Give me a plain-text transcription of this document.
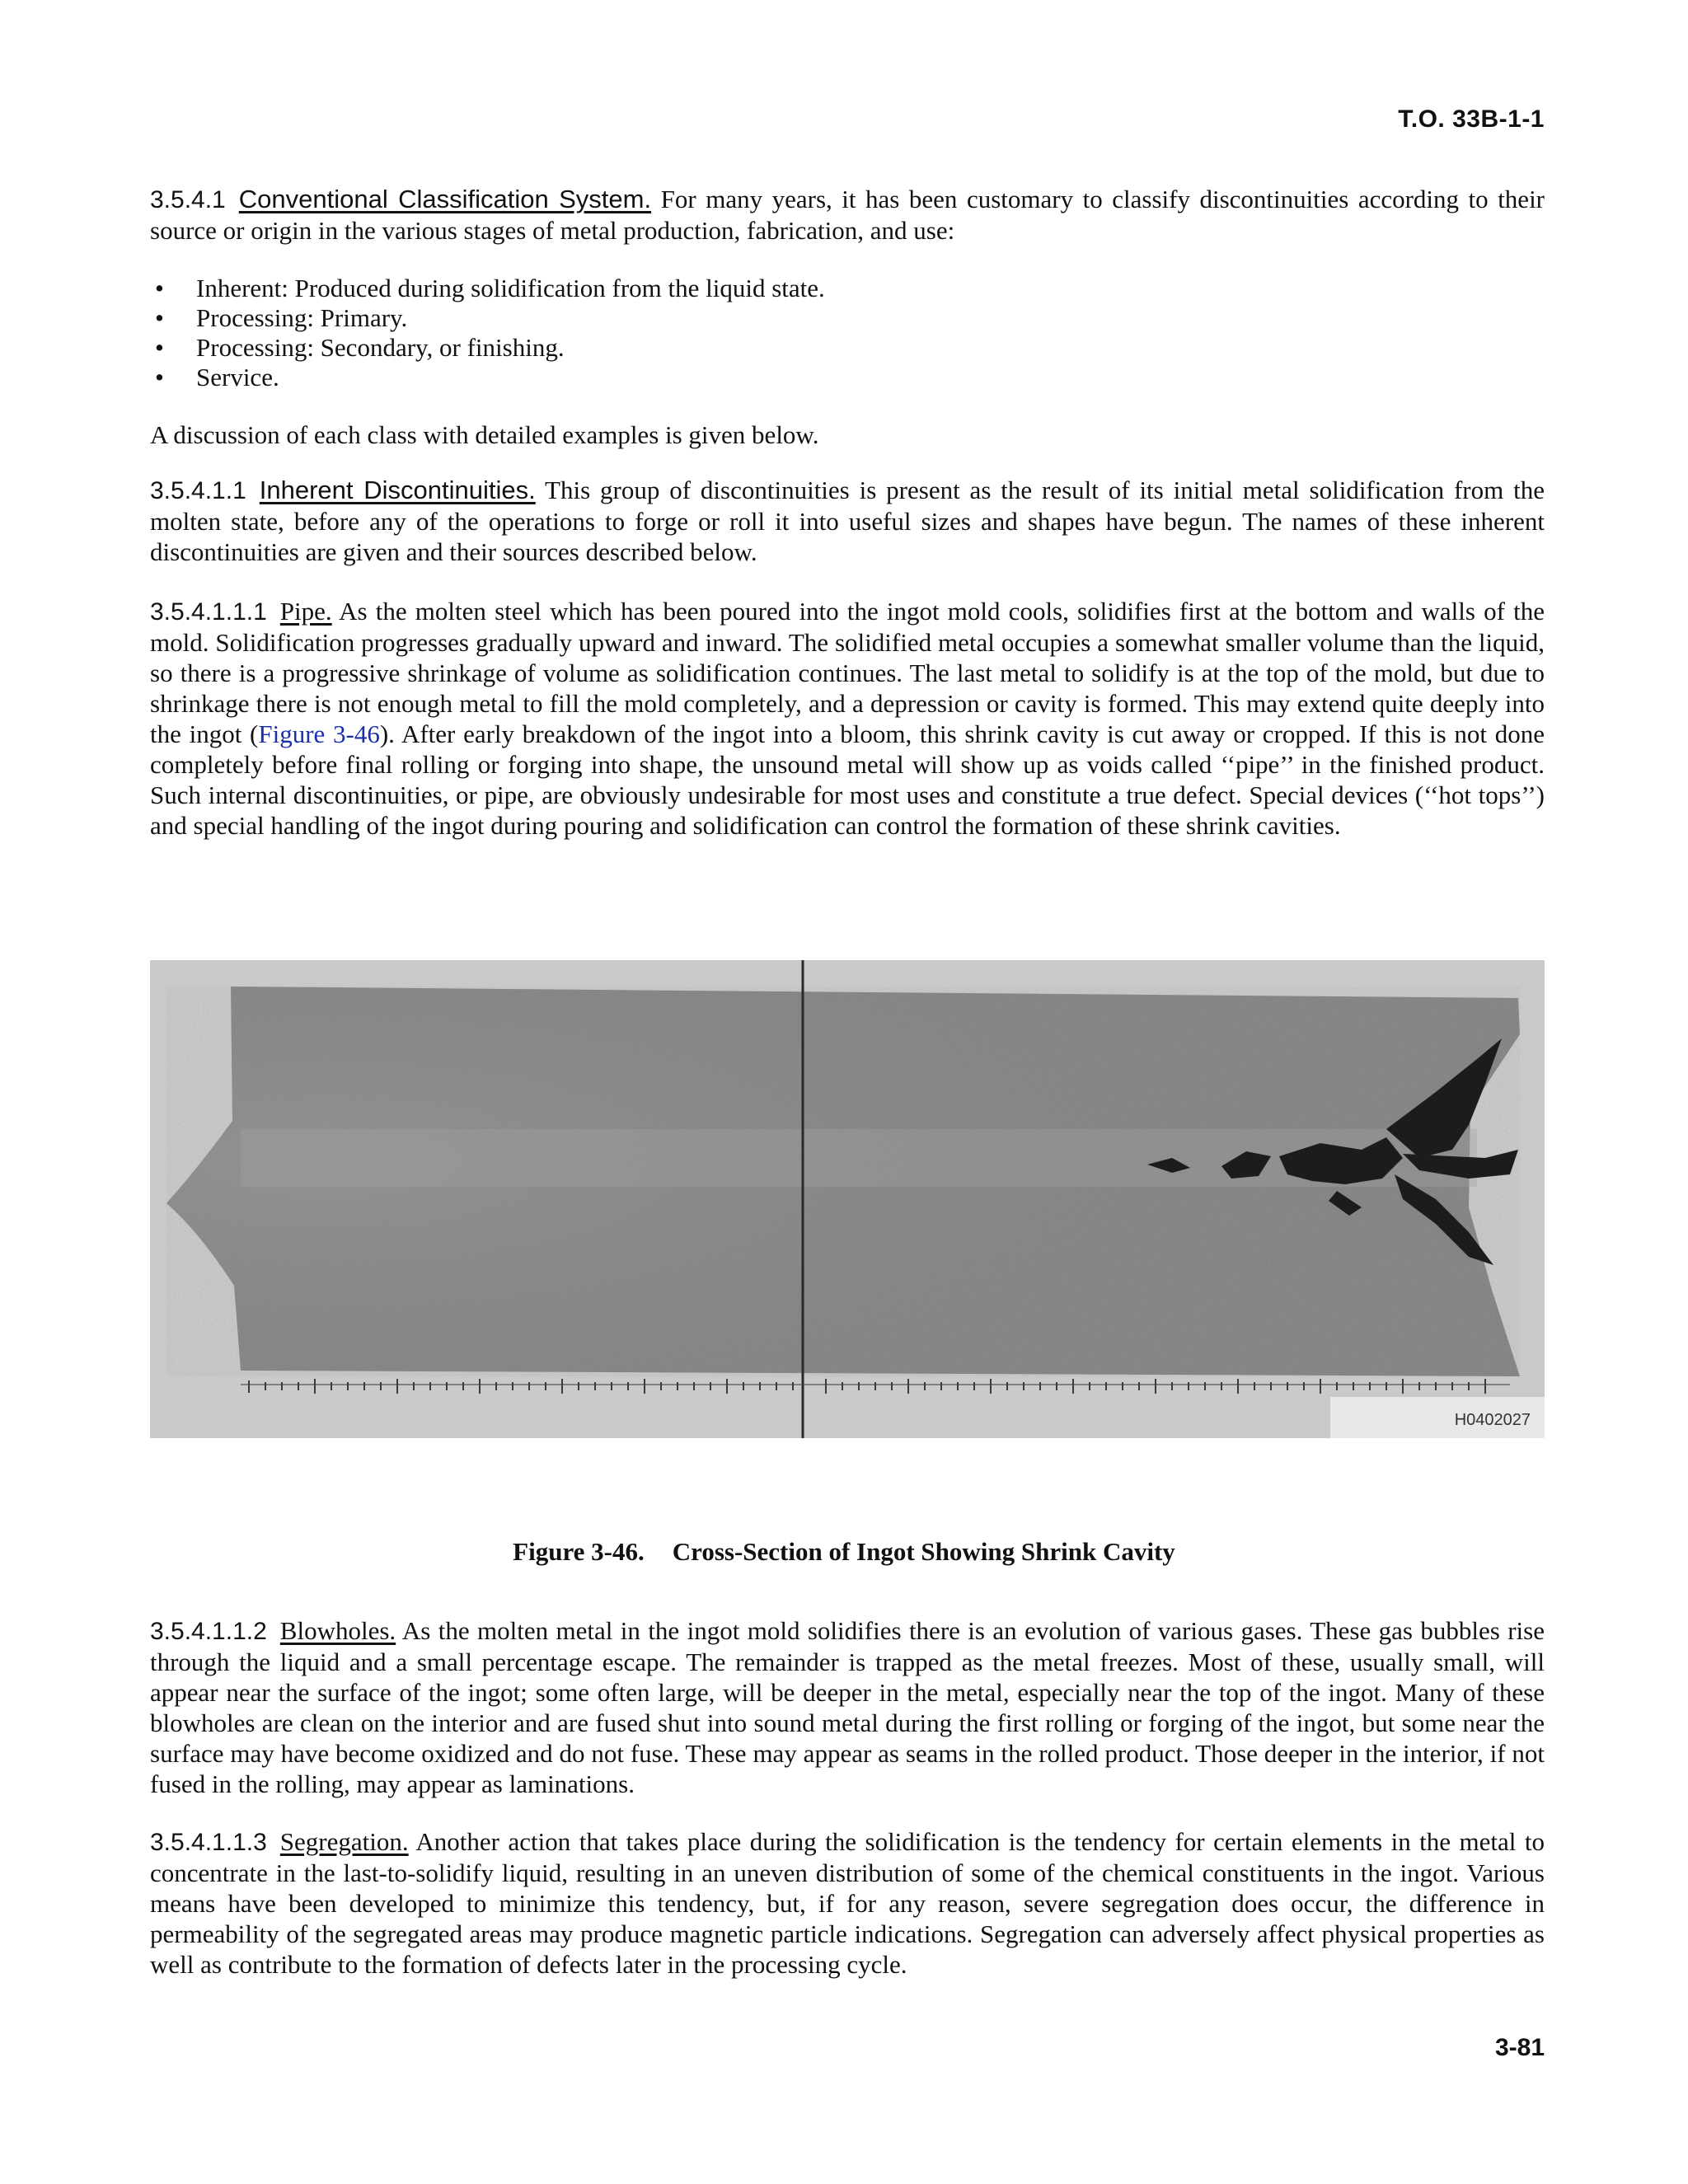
T.O. 33B-1-1

3.5.4.1 Conventional Classification System. For many years, it has been customary to classify discontinuities according to their source or origin in the various stages of metal production, fabrication, and use:

• Inherent: Produced during solidification from the liquid state.
• Processing: Primary.
• Processing: Secondary, or finishing.
• Service.

A discussion of each class with detailed examples is given below.

3.5.4.1.1 Inherent Discontinuities. This group of discontinuities is present as the result of its initial metal solidification from the molten state, before any of the operations to forge or roll it into useful sizes and shapes have begun. The names of these inherent discontinuities are given and their sources described below.

3.5.4.1.1.1 Pipe. As the molten steel which has been poured into the ingot mold cools, solidifies first at the bottom and walls of the mold. Solidification progresses gradually upward and inward. The solidified metal occupies a somewhat smaller volume than the liquid, so there is a progressive shrinkage of volume as solidification continues. The last metal to solidify is at the top of the mold, but due to shrinkage there is not enough metal to fill the mold completely, and a depression or cavity is formed. This may extend quite deeply into the ingot (Figure 3-46). After early breakdown of the ingot into a bloom, this shrink cavity is cut away or cropped. If this is not done completely before final rolling or forging into shape, the unsound metal will show up as voids called ‘‘pipe’’ in the finished product. Such internal discontinuities, or pipe, are obviously undesirable for most uses and constitute a true defect. Special devices (‘‘hot tops’’) and special handling of the ingot during pouring and solidification can control the formation of these shrink cavities.

H0402027
Figure 3-46. Cross-Section of Ingot Showing Shrink Cavity

3.5.4.1.1.2 Blowholes. As the molten metal in the ingot mold solidifies there is an evolution of various gases. These gas bubbles rise through the liquid and a small percentage escape. The remainder is trapped as the metal freezes. Most of these, usually small, will appear near the surface of the ingot; some often large, will be deeper in the metal, especially near the top of the ingot. Many of these blowholes are clean on the interior and are fused shut into sound metal during the first rolling or forging of the ingot, but some near the surface may have become oxidized and do not fuse. These may appear as seams in the rolled product. Those deeper in the interior, if not fused in the rolling, may appear as laminations.

3.5.4.1.1.3 Segregation. Another action that takes place during the solidification is the tendency for certain elements in the metal to concentrate in the last-to-solidify liquid, resulting in an uneven distribution of some of the chemical constituents in the ingot. Various means have been developed to minimize this tendency, but, if for any reason, severe segregation does occur, the difference in permeability of the segregated areas may produce magnetic particle indications. Segregation can adversely affect physical properties as well as contribute to the formation of defects later in the processing cycle.

3-81
